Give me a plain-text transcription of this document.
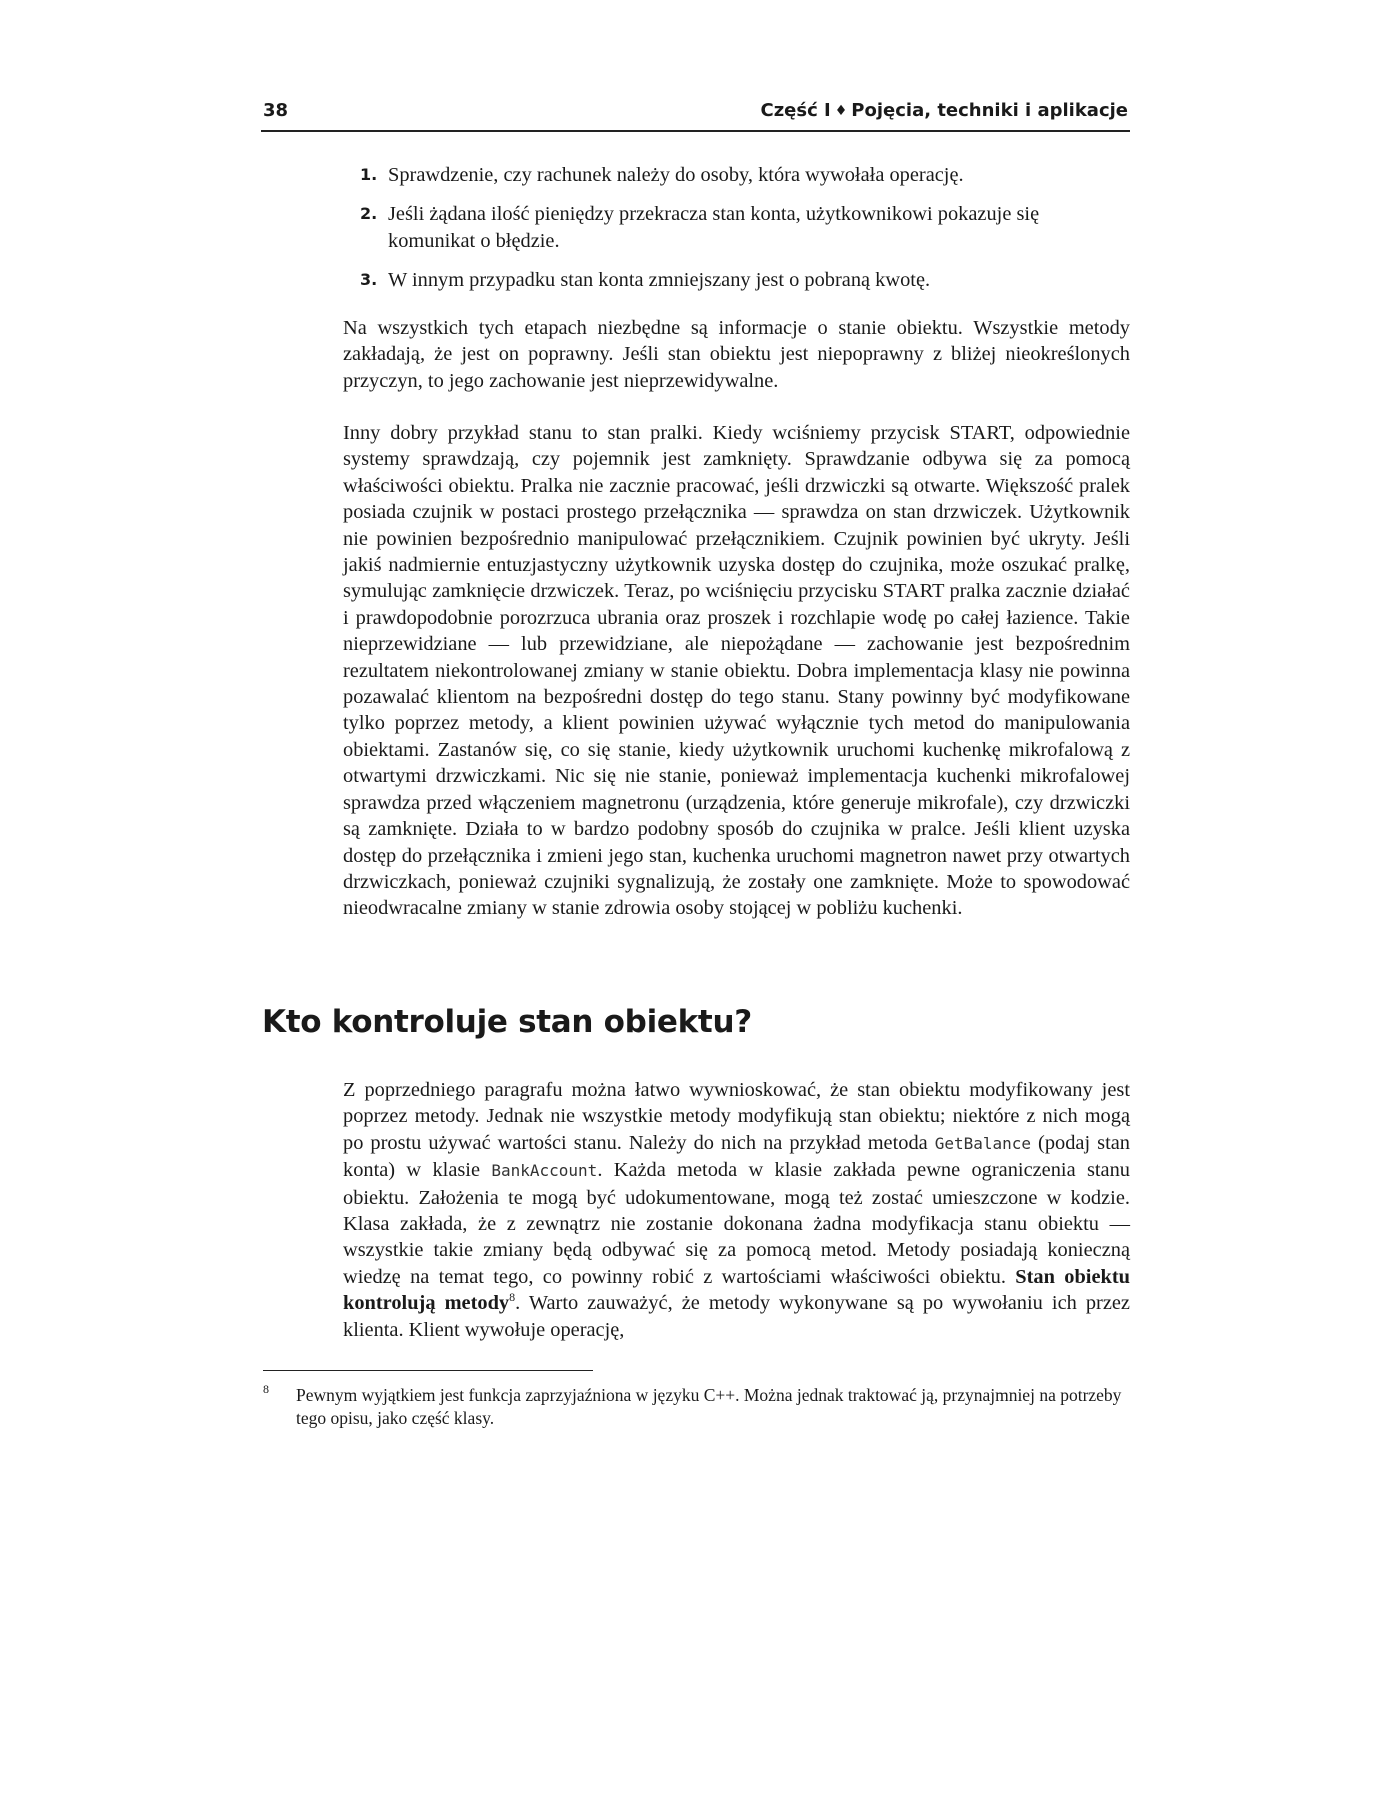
38	Część I ♦ Pojęcia, techniki i aplikacje
1. Sprawdzenie, czy rachunek należy do osoby, która wywołała operację.
2. Jeśli żądana ilość pieniędzy przekracza stan konta, użytkownikowi pokazuje się komunikat o błędzie.
3. W innym przypadku stan konta zmniejszany jest o pobraną kwotę.

Na wszystkich tych etapach niezbędne są informacje o stanie obiektu. Wszystkie metody zakładają, że jest on poprawny. Jeśli stan obiektu jest niepoprawny z bliżej nieokreślonych przyczyn, to jego zachowanie jest nieprzewidywalne.

Inny dobry przykład stanu to stan pralki. Kiedy wciśniemy przycisk START, odpowiednie systemy sprawdzają, czy pojemnik jest zamknięty. Sprawdzanie odbywa się za pomocą właściwości obiektu. Pralka nie zacznie pracować, jeśli drzwiczki są otwarte. Większość pralek posiada czujnik w postaci prostego przełącznika — sprawdza on stan drzwiczek. Użytkownik nie powinien bezpośrednio manipulować przełącznikiem. Czujnik powinien być ukryty. Jeśli jakiś nadmiernie entuzjastyczny użytkownik uzyska dostęp do czujnika, może oszukać pralkę, symulując zamknięcie drzwiczek. Teraz, po wciśnięciu przycisku START pralka zacznie działać i prawdopodobnie porozrzuca ubrania oraz proszek i rozchlapie wodę po całej łazience. Takie nieprzewidziane — lub przewidziane, ale niepożądane — zachowanie jest bezpośrednim rezultatem niekontrolowanej zmiany w stanie obiektu. Dobra implementacja klasy nie powinna pozawalać klientom na bezpośredni dostęp do tego stanu. Stany powinny być modyfikowane tylko poprzez metody, a klient powinien używać wyłącznie tych metod do manipulowania obiektami. Zastanów się, co się stanie, kiedy użytkownik uruchomi kuchenkę mikrofalową z otwartymi drzwiczkami. Nic się nie stanie, ponieważ implementacja kuchenki mikrofalowej sprawdza przed włączeniem magnetronu (urządzenia, które generuje mikrofale), czy drzwiczki są zamknięte. Działa to w bardzo podobny sposób do czujnika w pralce. Jeśli klient uzyska dostęp do przełącznika i zmieni jego stan, kuchenka uruchomi magnetron nawet przy otwartych drzwiczkach, ponieważ czujniki sygnalizują, że zostały one zamknięte. Może to spowodować nieodwracalne zmiany w stanie zdrowia osoby stojącej w pobliżu kuchenki.

Kto kontroluje stan obiektu?

Z poprzedniego paragrafu można łatwo wywnioskować, że stan obiektu modyfikowany jest poprzez metody. Jednak nie wszystkie metody modyfikują stan obiektu; niektóre z nich mogą po prostu używać wartości stanu. Należy do nich na przykład metoda GetBalance (podaj stan konta) w klasie BankAccount. Każda metoda w klasie zakłada pewne ograniczenia stanu obiektu. Założenia te mogą być udokumentowane, mogą też zostać umieszczone w kodzie. Klasa zakłada, że z zewnątrz nie zostanie dokonana żadna modyfikacja stanu obiektu — wszystkie takie zmiany będą odbywać się za pomocą metod. Metody posiadają konieczną wiedzę na temat tego, co powinny robić z wartościami właściwości obiektu. Stan obiektu kontrolują metody$^8$. Warto zauważyć, że metody wykonywane są po wywołaniu ich przez klienta. Klient wywołuje operację,

8	Pewnym wyjątkiem jest funkcja zaprzyjaźniona w języku C++. Można jednak traktować ją, przynajmniej na potrzeby tego opisu, jako część klasy.
